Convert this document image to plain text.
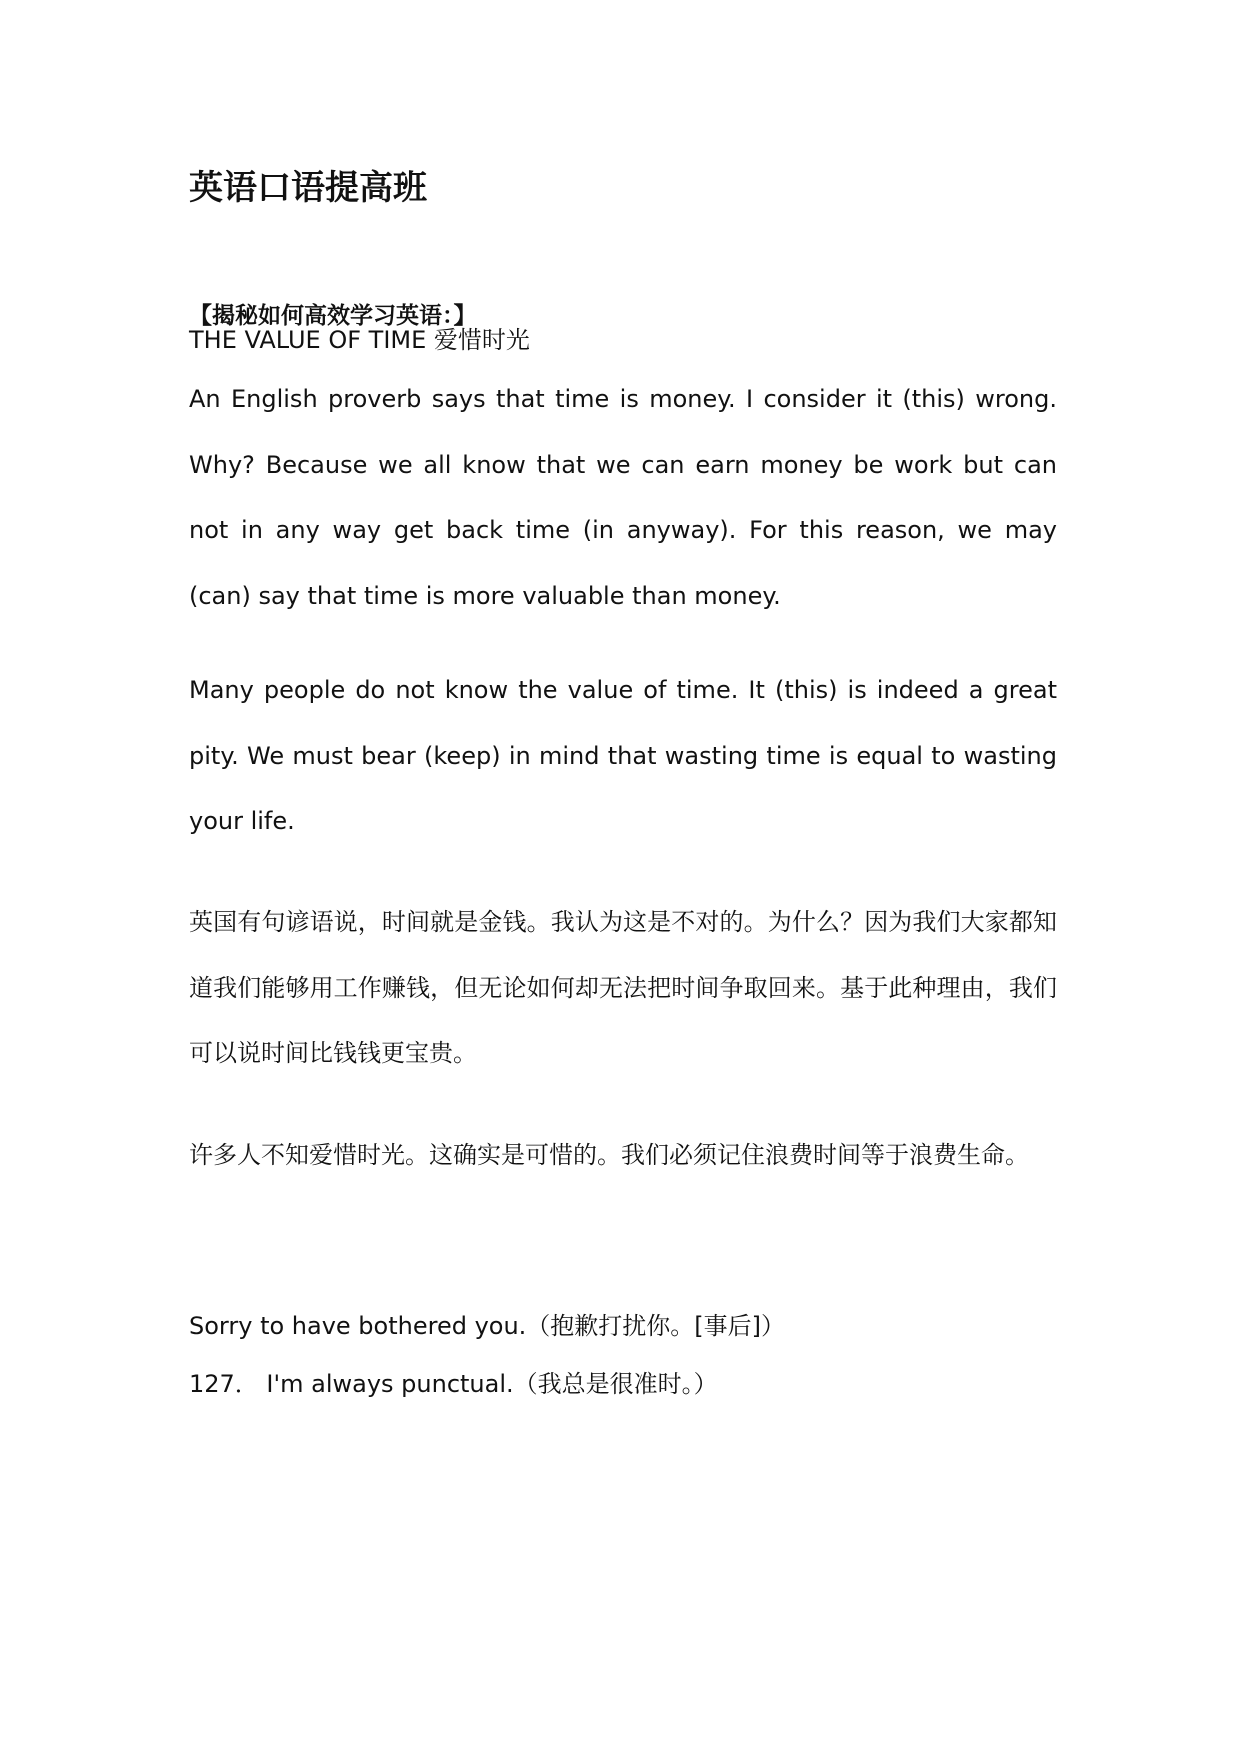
英语口语提高班

【揭秘如何高效学习英语：】

THE VALUE OF TIME 爱惜时光

An English proverb says that time is money. I consider it (this) wrong. Why? Because we all know that we can earn money be work but can not in any way get back time (in anyway). For this reason, we may (can) say that time is more valuable than money.

Many people do not know the value of time. It (this) is indeed a great pity. We must bear (keep) in mind that wasting time is equal to wasting your life.

英国有句谚语说，时间就是金钱。我认为这是不对的。为什么？因为我们大家都知道我们能够用工作赚钱，但无论如何却无法把时间争取回来。基于此种理由，我们可以说时间比钱钱更宝贵。

许多人不知爱惜时光。这确实是可惜的。我们必须记住浪费时间等于浪费生命。

Sorry to have bothered you.（抱歉打扰你。[事后]）

127． I'm always punctual.（我总是很准时。）
